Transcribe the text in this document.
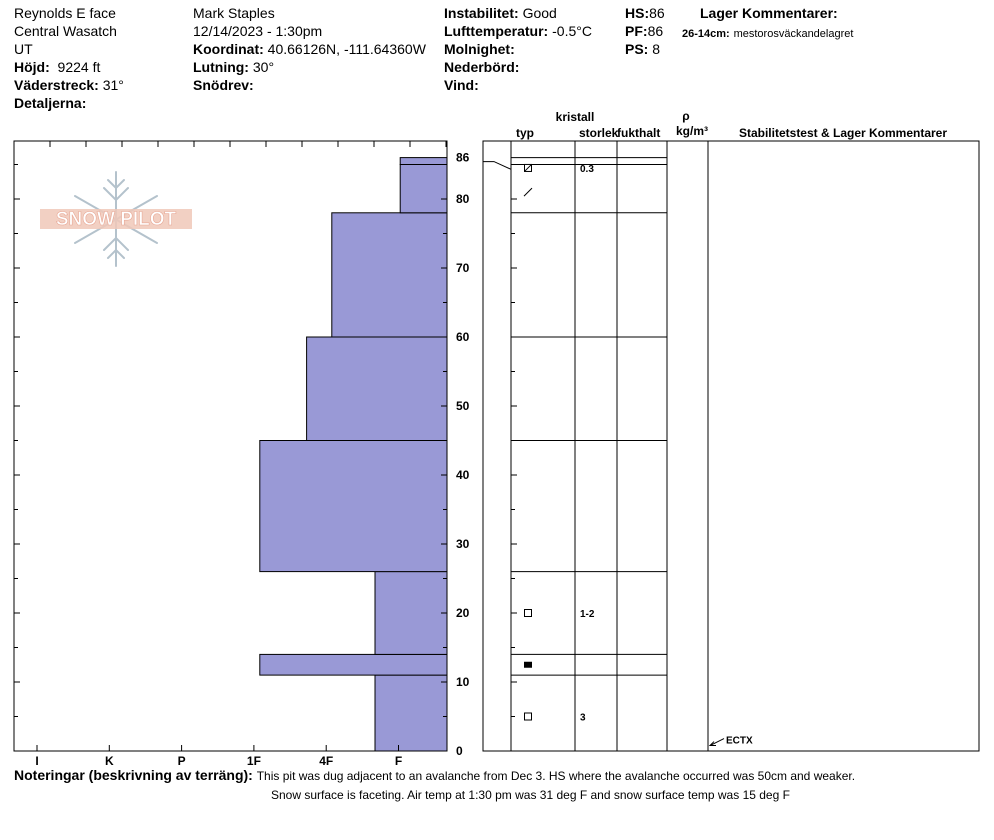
Reynolds E face
Central Wasatch
UT
Höjd: 9224 ft
Väderstreck: 31°
Detaljerna:
Mark Staples
12/14/2023 - 1:30pm
Koordinat: 40.66126N, -111.64360W
Lutning: 30°
Snödrev:
Instabilitet: Good
Lufttemperatur: -0.5°C
Molnighet:
Nederbörd:
Vind:
HS:86
PF:86
PS: 8
Lager Kommentarer:
26-14cm: mestorosväckandelagret
SNOW PILOT
I	K	P	1F	4F	F
0
10
20
30
40
50
60
70
80
86
0.3
1-2
3
ECTX
kristall
typ	storlek
fukthalt
ρ
kg/m³	Stabilitetstest & Lager Kommentarer
Noteringar (beskrivning av terräng): This pit was dug adjacent to an avalanche from Dec 3. HS where the avalanche occurred was 50cm and weaker.
Snow surface is faceting. Air temp at 1:30 pm was 31 deg F and snow surface temp was 15 deg F
